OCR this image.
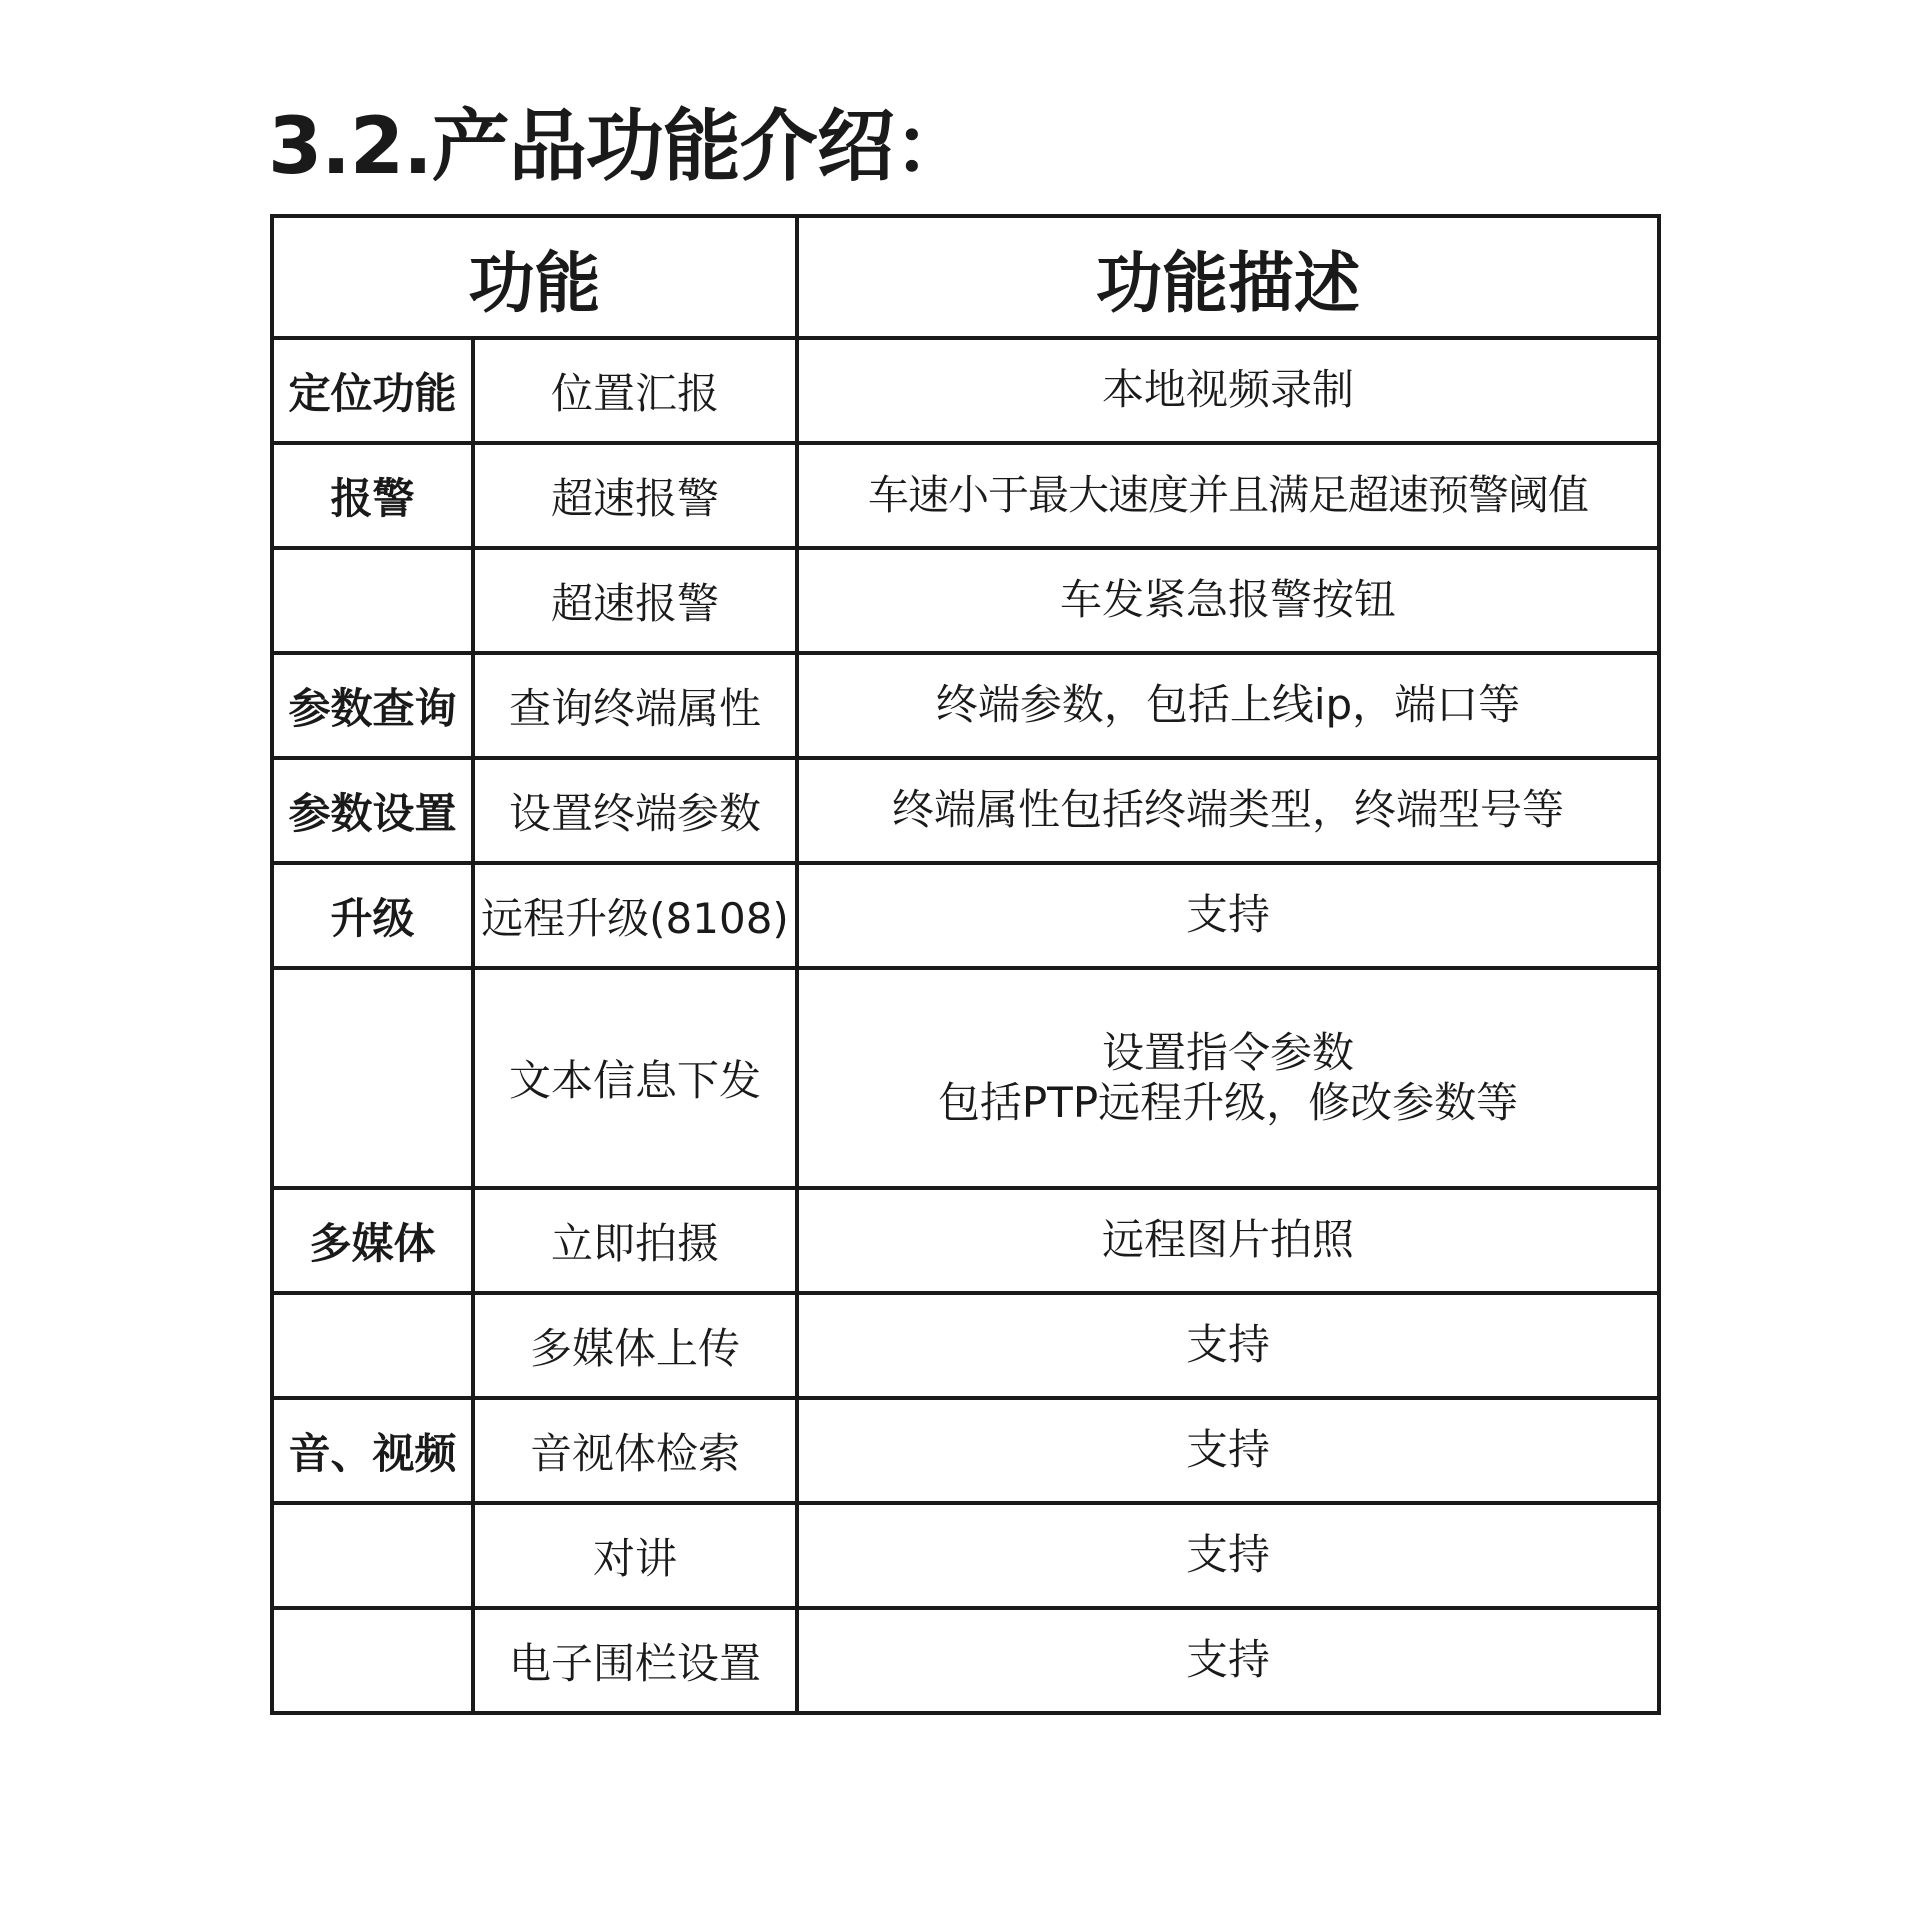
3.2.产品功能介绍：
功能		功能描述
定位功能	位置汇报	本地视频录制
报警	超速报警	车速小于最大速度并且满足超速预警阈值
	超速报警	车发紧急报警按钮
参数查询	查询终端属性	终端参数，包括上线ip，端口等
参数设置	设置终端参数	终端属性包括终端类型，终端型号等
升级	远程升级(8108)	支持
	文本信息下发	设置指令参数
包括PTP远程升级，修改参数等

多媒体	立即拍摄	远程图片拍照
	多媒体上传	支持
音、视频	音视体检索	支持
	对讲	支持
	电子围栏设置	支持
